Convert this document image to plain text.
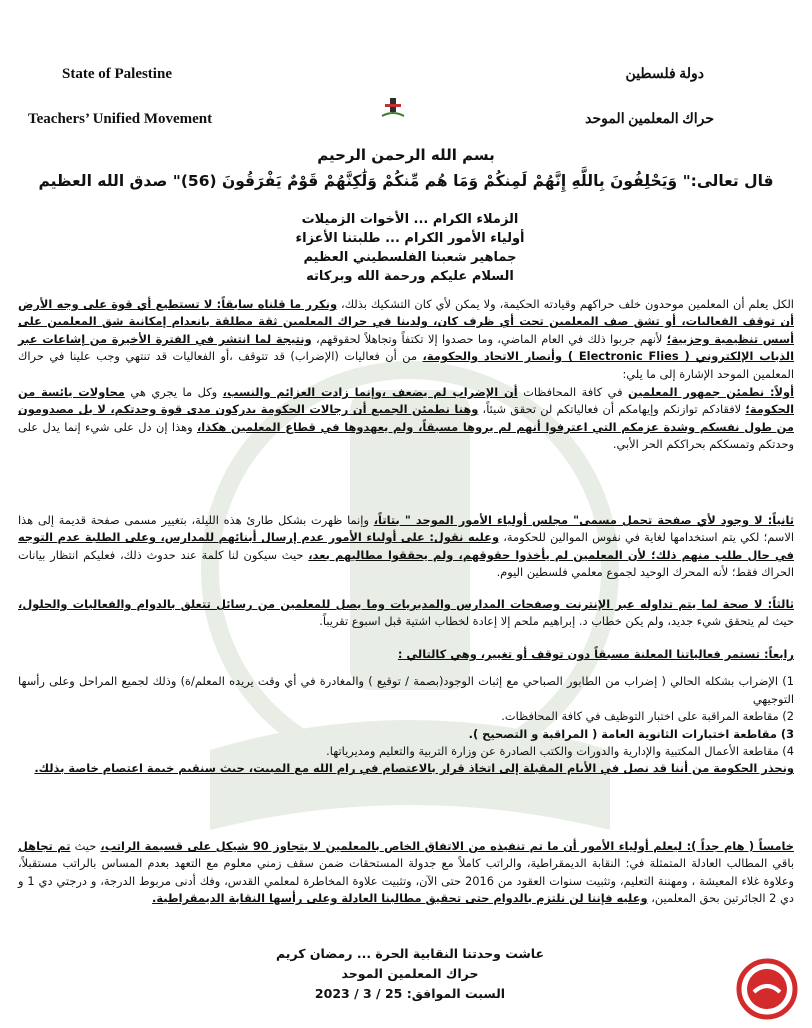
State of Palestine
Teachers’ Unified Movement
دولة فلسطين
حراك المعلمين الموحد
بسم الله الرحمن الرحيم
قال تعالى:" وَيَحْلِفُونَ بِاللَّهِ إِنَّهُمْ لَمِنكُمْ وَمَا هُم مِّنكُمْ وَلَٰكِنَّهُمْ قَوْمٌ يَفْرَقُونَ (56)" صدق الله العظيم
الزملاء الكرام ... الأخوات الزميلات
أولياء الأمور الكرام ... طلبتنا الأعزاء
جماهير شعبنا الفلسطيني العظيم
السلام عليكم ورحمة الله وبركاته

الكل يعلم أن المعلمين موحدون خلف حراكهم وقيادته الحكيمة، ولا يمكن لأي كان التشكيك بذلك، ونكرر ما قلناه سابقاً: لا تستطيع أي قوة على وجه الأرض أن توقف الفعاليات، أو تشق صف المعلمين تحت أي ظرف كان، ولدينا في حراك المعلمين ثقة مطلقة بانعدام إمكانية شق المعلمين على أسس تنظيمية وحزبية؛ لأنهم جربوا ذلك في العام الماضي، وما حصدوا إلا تكتفاً وتجاهلاً لحقوقهم، ونتيجة لما انتشر في الفترة الأخيرة من إشاعات عبر الذباب الإلكتروني ( Electronic Flies ) وأنصار الاتحاد والحكومة، من أن فعاليات (الإضراب) قد تتوقف ،أو الفعاليات قد تنتهي وجب علينا في حراك المعلمين الموحد الإشارة إلى ما يلي:

أولاً: نطمئن جمهور المعلمين في كافة المحافظات أن الإضراب لم يضعف ،وإنما زادت العزائم والنسب، وكل ما يجري هي محاولات يائسة من الحكومة؛ لافقادكم توازنكم وإيهامكم أن فعالياتكم لن تحقق شيئاً، وهنا نطمئن الجميع أن رجالات الحكومة يدركون مدى قوة وحدتكم، لا بل مصدومون من طول نفسكم وشدة عزمكم التي اعترفوا أنهم لم يروها مسبقاً، ولم يعهدوها في قطاع المعلمين هكذا، وهذا إن دل على شيء إنما يدل على وحدتكم وتمسككم بحراككم الحر الأبي.

ثانياً: لا وجود لأي صفحة تحمل مسمى" مجلس أولياء الأمور الموحد " بتاتاً، وإنما ظهرت بشكل طارئ هذه الليلة، بتغيير مسمى صفحة قديمة إلى هذا الاسم؛ لكي يتم استخدامها لغاية في نفوس الموالين للحكومة، وعليه نقول: على أولياء الأمور عدم إرسال أبنائهم للمدارس، وعلى الطلبة عدم التوجه في حال طلب منهم ذلك؛ لأن المعلمين لم يأخذوا حقوقهم، ولم يحققوا مطالبهم بعد، حيث سيكون لنا كلمة عند حدوث ذلك، فعليكم انتظار بيانات الحراك فقط؛ لأنه المحرك الوحيد لجموع معلمي فلسطين اليوم.

ثالثاً: لا صحة لما يتم تداوله عبر الإنترنت وصفحات المدارس والمديريات وما يصل للمعلمين من رسائل تتعلق بالدوام والفعاليات والحلول، حيث لم يتحقق شيء جديد، ولم يكن خطاب د. إبراهيم ملحم إلا إعادة لخطاب اشتية قبل اسبوع تقريباً.

رابعاً: تستمر فعالياتنا المعلنة مسبقاً دون توقف أو تغيير، وهي كالتالي :

1) الإضراب بشكله الحالي ( إضراب من الطابور الصباحي مع إثبات الوجود(بصمة / توقيع ) والمغادرة في أي وقت يريده المعلم/ة) وذلك لجميع المراحل وعلى رأسها التوجيهي
2) مقاطعة المراقبة على اختبار التوظيف في كافة المحافظات.
3) مقاطعة اختبارات الثانوية العامة ( المراقبة و التصحيح ).
4) مقاطعة الأعمال المكتبية والإدارية والدورات والكتب الصادرة عن وزارة التربية والتعليم ومديرياتها.

ونحذر الحكومة من أننا قد نصل في الأيام المقبلة إلى اتخاذ قرار بالاعتصام في رام الله مع المبيت، حيث سنقيم خيمة اعتصام خاصة بذلك.

خامساً ( هام جداً ): ليعلم أولياء الأمور أن ما تم تنفيذه من الاتفاق الخاص بالمعلمين لا يتجاوز 90 شيكل على قسيمة الراتب، حيث تم تجاهل باقي المطالب العادلة المتمثلة في: النقابة الديمقراطية، والراتب كاملاً مع جدولة المستحقات ضمن سقف زمني معلوم مع التعهد بعدم المساس بالراتب مستقبلاً، وعلاوة غلاء المعيشة ، ومهننة التعليم، وتثبيت سنوات العقود من 2016 حتى الآن، وتثبيت علاوة المخاطرة لمعلمي القدس، وفك أدنى مربوط الدرجة، و درجتي دي 1 و دي 2 الجائرتين بحق المعلمين، وعليه فإننا لن نلتزم بالدوام حتى تحقيق مطالبنا العادلة وعلى رأسها النقابة الديمقراطية.

عاشت وحدتنا النقابية الحرة ... رمضان كريم
حراك المعلمين الموحد
السبت الموافق: 25 / 3 / 2023
